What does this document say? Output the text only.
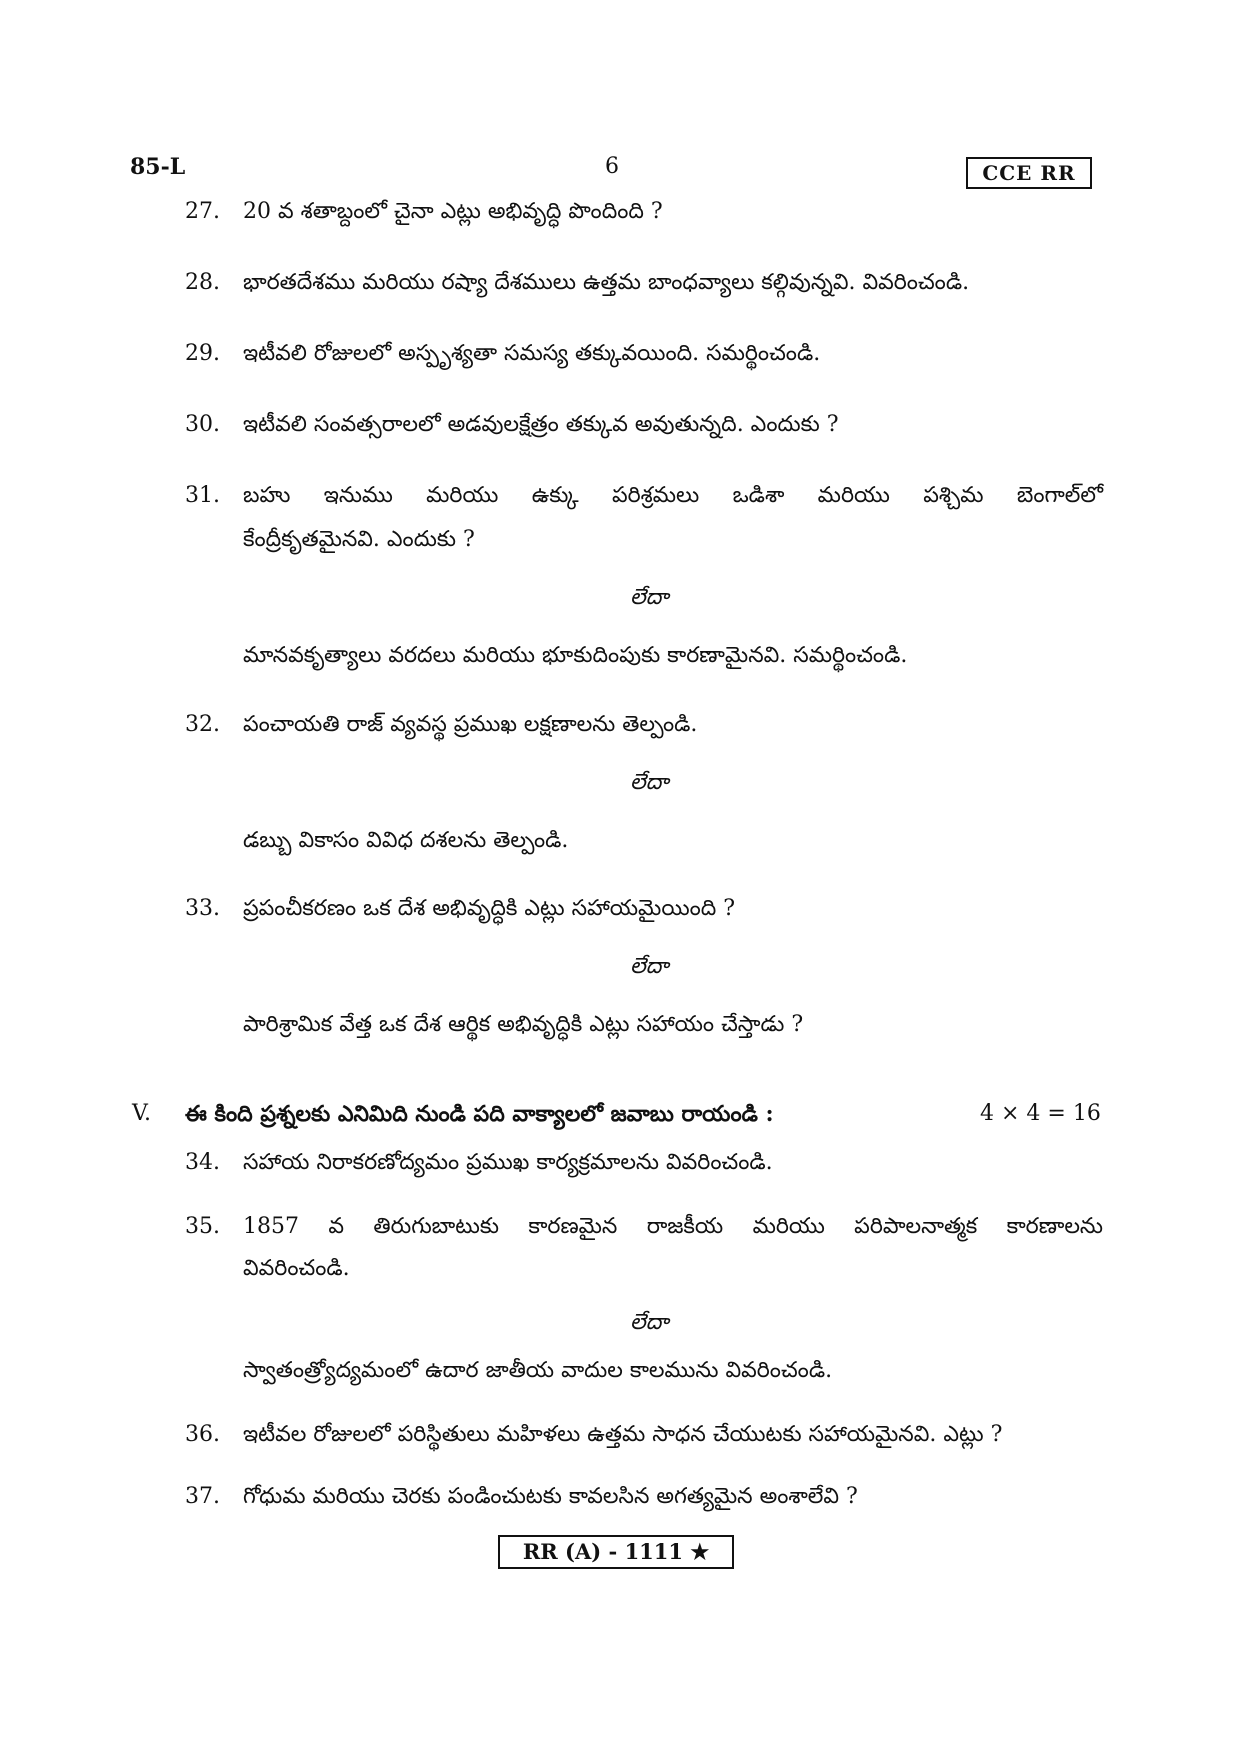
85-L	6	CCE RR
27.	20 వ శతాబ్దంలో చైనా ఎట్లు అభివృద్ధి పొందింది ?
28.	భారతదేశము మరియు రష్యా దేశములు ఉత్తమ బాంధవ్యాలు కల్గివున్నవి. వివరించండి.
29.	ఇటీవలి రోజులలో అస్పృశ్యతా సమస్య తక్కువయింది. సమర్థించండి.
30.	ఇటీవలి సంవత్సరాలలో అడవులక్షేత్రం తక్కువ అవుతున్నది. ఎందుకు ?
31.	బహు ఇనుము మరియు ఉక్కు పరిశ్రమలు ఒడిశా మరియు పశ్చిమ బెంగాల్‌లో
కేంద్రీకృతమైనవి. ఎందుకు ?
లేదా
మానవకృత్యాలు వరదలు మరియు భూకుదింపుకు కారణామైనవి. సమర్థించండి.
32.	పంచాయతి రాజ్ వ్యవస్థ ప్రముఖ లక్షణాలను తెల్పండి.
లేదా
డబ్బు వికాసం వివిధ దశలను తెల్పండి.
33.	ప్రపంచీకరణం ఒక దేశ అభివృద్ధికి ఎట్లు సహాయమైయింది ?
లేదా
పారిశ్రామిక వేత్త ఒక దేశ ఆర్థిక అభివృద్ధికి ఎట్లు సహాయం చేస్తాడు ?
V. ఈ కింది ప్రశ్నలకు ఎనిమిది నుండి పది వాక్యాలలో జవాబు రాయండి :	4 × 4 = 16
34.	సహాయ నిరాకరణోద్యమం ప్రముఖ కార్యక్రమాలను వివరించండి.
35.	1857 వ తిరుగుబాటుకు కారణమైన రాజకీయ మరియు పరిపాలనాత్మక కారణాలను
వివరించండి.
లేదా
స్వాతంత్ర్యోద్యమంలో ఉదార జాతీయ వాదుల కాలమును వివరించండి.
36.	ఇటీవల రోజులలో పరిస్థితులు మహిళలు ఉత్తమ సాధన చేయుటకు సహాయమైనవి. ఎట్లు ?
37.	గోధుమ మరియు చెరకు పండించుటకు కావలసిన అగత్యమైన అంశాలేవి ?
RR (A) - 1111 ★
